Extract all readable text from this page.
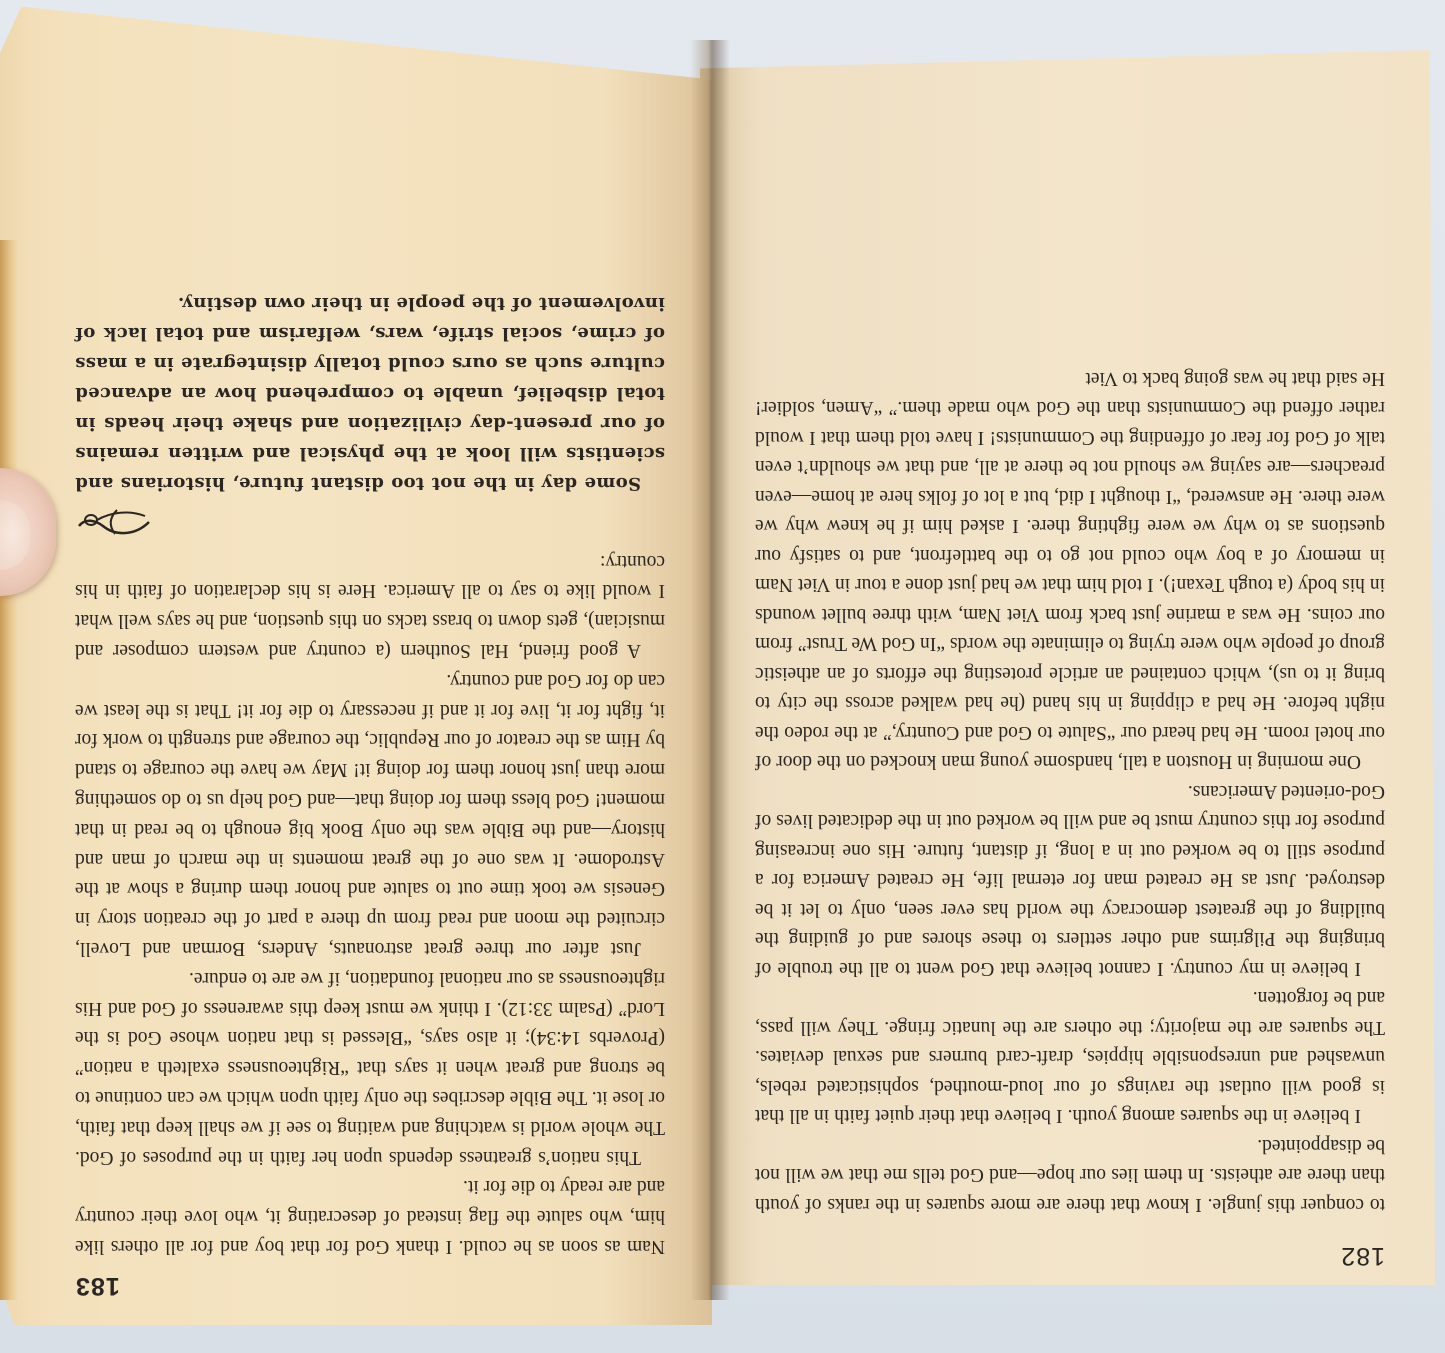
182

to conquer this jungle. I know that there are more squares in the ranks of youth than there are atheists. In them lies our hope—and God tells me that we will not be disappointed.

I believe in the squares among youth. I believe that their quiet faith in all that is good will outlast the ravings of our loud-mouthed, sophisticated rebels, unwashed and unresponsible hippies, draft-card burners and sexual deviates. The squares are the majority; the others are the lunatic fringe. They will pass, and be forgotten.

I believe in my country. I cannot believe that God went to all the trouble of bringing the Pilgrims and other settlers to these shores and of guiding the building of the greatest democracy the world has ever seen, only to let it be destroyed. Just as He created man for eternal life, He created America for a purpose still to be worked out in a long, if distant, future. His one increasing purpose for this country must be and will be worked out in the dedicated lives of God-oriented Americans.

One morning in Houston a tall, handsome young man knocked on the door of our hotel room. He had heard our “Salute to God and Country,” at the rodeo the night before. He had a clipping in his hand (he had walked across the city to bring it to us), which contained an article protesting the efforts of an atheistic group of people who were trying to eliminate the words “In God We Trust” from our coins. He was a marine just back from Viet Nam, with three bullet wounds in his body (a tough Texan!). I told him that we had just done a tour in Viet Nam in memory of a boy who could not go to the battlefront, and to satisfy our questions as to why we were fighting there. I asked him if he knew why we were there. He answered, “I thought I did, but a lot of folks here at home—even preachers—are saying we should not be there at all, and that we shouldn’t even talk of God for fear of offending the Communists! I have told them that I would rather offend the Communists than the God who made them.” “Amen, soldier! He said that he was going back to Viet

183

Nam as soon as he could. I thank God for that boy and for all others like him, who salute the flag instead of desecrating it, who love their country and are ready to die for it.

This nation’s greatness depends upon her faith in the purposes of God. The whole world is watching and waiting to see if we shall keep that faith, or lose it. The Bible describes the only faith upon which we can continue to be strong and great when it says that “Righteousness exalteth a nation” (Proverbs 14:34); it also says, “Blessed is that nation whose God is the Lord” (Psalm 33:12). I think we must keep this awareness of God and His righteousness as our national foundation, if we are to endure.

Just after our three great astronauts, Anders, Borman and Lovell, circuited the moon and read from up there a part of the creation story in Genesis we took time out to salute and honor them during a show at the Astrodome. It was one of the great moments in the march of man and history—and the Bible was the only Book big enough to be read in that moment! God bless them for doing that—and God help us to do something more than just honor them for doing it! May we have the courage to stand by Him as the creator of our Republic, the courage and strength to work for it, fight for it, live for it and if necessary to die for it! That is the least we can do for God and country.

A good friend, Hal Southern (a country and western composer and musician), gets down to brass tacks on this question, and he says well what I would like to say to all America. Here is his declaration of faith in his country:

Some day in the not too distant future, historians and scientists will look at the physical and written remains of our present-day civilization and shake their heads in total disbelief, unable to comprehend how an advanced culture such as ours could totally disintegrate in a mass of crime, social strife, wars, welfarism and total lack of involvement of the people in their own destiny.
